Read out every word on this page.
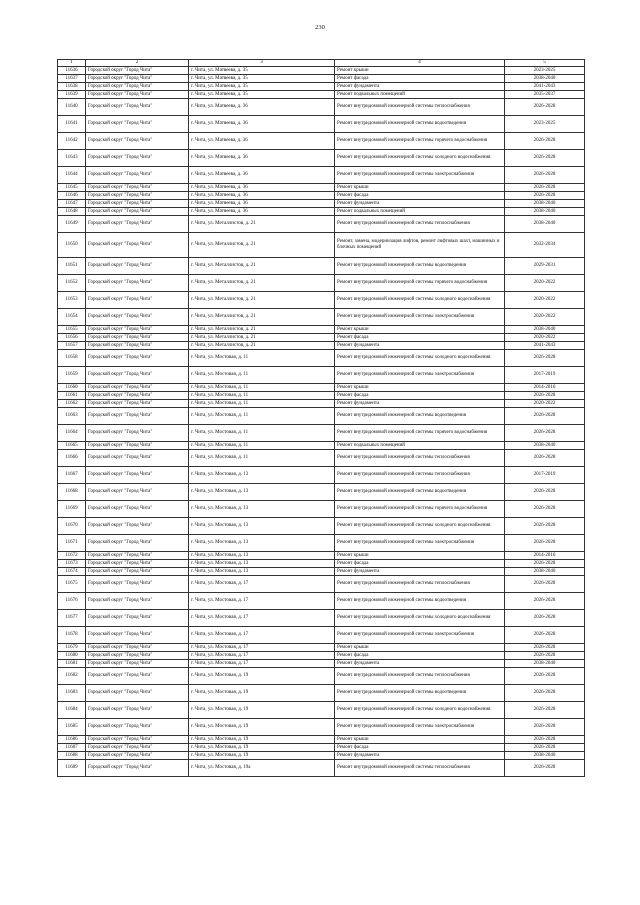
230
1	2	3	4	5
11636	Городской округ "Город Чита"	г. Чита, ул. Матвеева, д. 35	Ремонт крыши	2023-2025
11637	Городской округ "Город Чита"	г. Чита, ул. Матвеева, д. 35	Ремонт фасада	2038-2040
11638	Городской округ "Город Чита"	г. Чита, ул. Матвеева, д. 35	Ремонт фундамента	2041-2043
11639	Городской округ "Город Чита"	г. Чита, ул. Матвеева, д. 35	Ремонт подвальных помещений	2035-2037
11640	Городской округ "Город Чита"	г. Чита, ул. Матвеева, д. 36	Ремонт внутридомовой инженерной системы теплоснабжения	2026-2028
11641	Городской округ "Город Чита"	г. Чита, ул. Матвеева, д. 36	Ремонт внутридомовой инженерной системы водоотведения	2023-2025
11642	Городской округ "Город Чита"	г. Чита, ул. Матвеева, д. 36	Ремонт внутридомовой инженерной системы горячего водоснабжения	2026-2028
11643	Городской округ "Город Чита"	г. Чита, ул. Матвеева, д. 36	Ремонт внутридомовой инженерной системы холодного водоснабжения	2026-2028
11644	Городской округ "Город Чита"	г. Чита, ул. Матвеева, д. 36	Ремонт внутридомовой инженерной системы электроснабжения	2026-2028
11645	Городской округ "Город Чита"	г. Чита, ул. Матвеева, д. 36	Ремонт крыши	2026-2028
11646	Городской округ "Город Чита"	г. Чита, ул. Матвеева, д. 36	Ремонт фасада	2026-2028
11647	Городской округ "Город Чита"	г. Чита, ул. Матвеева, д. 36	Ремонт фундамента	2038-2040
11648	Городской округ "Город Чита"	г. Чита, ул. Матвеева, д. 36	Ремонт подвальных помещений	2038-2040
11649	Городской округ "Город Чита"	г. Чита, ул. Металлистов, д. 21	Ремонт внутридомовой инженерной системы теплоснабжения	2038-2040
11650	Городской округ "Город Чита"	г. Чита, ул. Металлистов, д. 21	Ремонт, замена, модернизация лифтов, ремонт лифтовых шахт, машинных и блочных помещений	2032-2034
11651	Городской округ "Город Чита"	г. Чита, ул. Металлистов, д. 21	Ремонт внутридомовой инженерной системы водоотведения	2029-2031
11652	Городской округ "Город Чита"	г. Чита, ул. Металлистов, д. 21	Ремонт внутридомовой инженерной системы горячего водоснабжения	2020-2022
11653	Городской округ "Город Чита"	г. Чита, ул. Металлистов, д. 21	Ремонт внутридомовой инженерной системы холодного водоснабжения	2020-2022
11654	Городской округ "Город Чита"	г. Чита, ул. Металлистов, д. 21	Ремонт внутридомовой инженерной системы электроснабжения	2020-2022
11655	Городской округ "Город Чита"	г. Чита, ул. Металлистов, д. 21	Ремонт крыши	2038-2040
11656	Городской округ "Город Чита"	г. Чита, ул. Металлистов, д. 21	Ремонт фасада	2020-2022
11657	Городской округ "Город Чита"	г. Чита, ул. Металлистов, д. 21	Ремонт фундамента	2041-2043
11658	Городской округ "Город Чита"	г. Чита, ул. Мостовая, д. 11	Ремонт внутридомовой инженерной системы холодного водоснабжения	2026-2028
11659	Городской округ "Город Чита"	г. Чита, ул. Мостовая, д. 11	Ремонт внутридомовой инженерной системы электроснабжения	2017-2019
11660	Городской округ "Город Чита"	г. Чита, ул. Мостовая, д. 11	Ремонт крыши	2014-2016
11661	Городской округ "Город Чита"	г. Чита, ул. Мостовая, д. 11	Ремонт фасада	2026-2028
11662	Городской округ "Город Чита"	г. Чита, ул. Мостовая, д. 11	Ремонт фундамента	2020-2022
11663	Городской округ "Город Чита"	г. Чита, ул. Мостовая, д. 11	Ремонт внутридомовой инженерной системы водоотведения	2026-2028
11664	Городской округ "Город Чита"	г. Чита, ул. Мостовая, д. 11	Ремонт внутридомовой инженерной системы горячего водоснабжения	2026-2028
11665	Городской округ "Город Чита"	г. Чита, ул. Мостовая, д. 11	Ремонт подвальных помещений	2038-2040
11666	Городской округ "Город Чита"	г. Чита, ул. Мостовая, д. 11	Ремонт внутридомовой инженерной системы теплоснабжения	2026-2028
11667	Городской округ "Город Чита"	г. Чита, ул. Мостовая, д. 13	Ремонт внутридомовой инженерной системы теплоснабжения	2017-2019
11668	Городской округ "Город Чита"	г. Чита, ул. Мостовая, д. 13	Ремонт внутридомовой инженерной системы водоотведения	2026-2028
11669	Городской округ "Город Чита"	г. Чита, ул. Мостовая, д. 13	Ремонт внутридомовой инженерной системы горячего водоснабжения	2026-2028
11670	Городской округ "Город Чита"	г. Чита, ул. Мостовая, д. 13	Ремонт внутридомовой инженерной системы холодного водоснабжения	2026-2028
11671	Городской округ "Город Чита"	г. Чита, ул. Мостовая, д. 13	Ремонт внутридомовой инженерной системы электроснабжения	2026-2028
11672	Городской округ "Город Чита"	г. Чита, ул. Мостовая, д. 13	Ремонт крыши	2014-2016
11673	Городской округ "Город Чита"	г. Чита, ул. Мостовая, д. 13	Ремонт фасада	2026-2028
11674	Городской округ "Город Чита"	г. Чита, ул. Мостовая, д. 13	Ремонт фундамента	2038-2040
11675	Городской округ "Город Чита"	г. Чита, ул. Мостовая, д. 17	Ремонт внутридомовой инженерной системы теплоснабжения	2026-2028
11676	Городской округ "Город Чита"	г. Чита, ул. Мостовая, д. 17	Ремонт внутридомовой инженерной системы водоотведения	2026-2028
11677	Городской округ "Город Чита"	г. Чита, ул. Мостовая, д. 17	Ремонт внутридомовой инженерной системы холодного водоснабжения	2026-2028
11678	Городской округ "Город Чита"	г. Чита, ул. Мостовая, д. 17	Ремонт внутридомовой инженерной системы электроснабжения	2026-2028
11679	Городской округ "Город Чита"	г. Чита, ул. Мостовая, д. 17	Ремонт крыши	2026-2028
11680	Городской округ "Город Чита"	г. Чита, ул. Мостовая, д. 17	Ремонт фасада	2026-2028
11681	Городской округ "Город Чита"	г. Чита, ул. Мостовая, д. 17	Ремонт фундамента	2038-2040
11682	Городской округ "Город Чита"	г. Чита, ул. Мостовая, д. 19	Ремонт внутридомовой инженерной системы теплоснабжения	2026-2028
11683	Городской округ "Город Чита"	г. Чита, ул. Мостовая, д. 19	Ремонт внутридомовой инженерной системы водоотведения	2026-2028
11684	Городской округ "Город Чита"	г. Чита, ул. Мостовая, д. 19	Ремонт внутридомовой инженерной системы холодного водоснабжения	2026-2028
11685	Городской округ "Город Чита"	г. Чита, ул. Мостовая, д. 19	Ремонт внутридомовой инженерной системы электроснабжения	2026-2028
11686	Городской округ "Город Чита"	г. Чита, ул. Мостовая, д. 19	Ремонт крыши	2026-2028
11687	Городской округ "Город Чита"	г. Чита, ул. Мостовая, д. 19	Ремонт фасада	2026-2028
11688	Городской округ "Город Чита"	г. Чита, ул. Мостовая, д. 19	Ремонт фундамента	2038-2040
11689	Городской округ "Город Чита"	г. Чита, ул. Мостовая, д. 19а	Ремонт внутридомовой инженерной системы теплоснабжения	2026-2028
